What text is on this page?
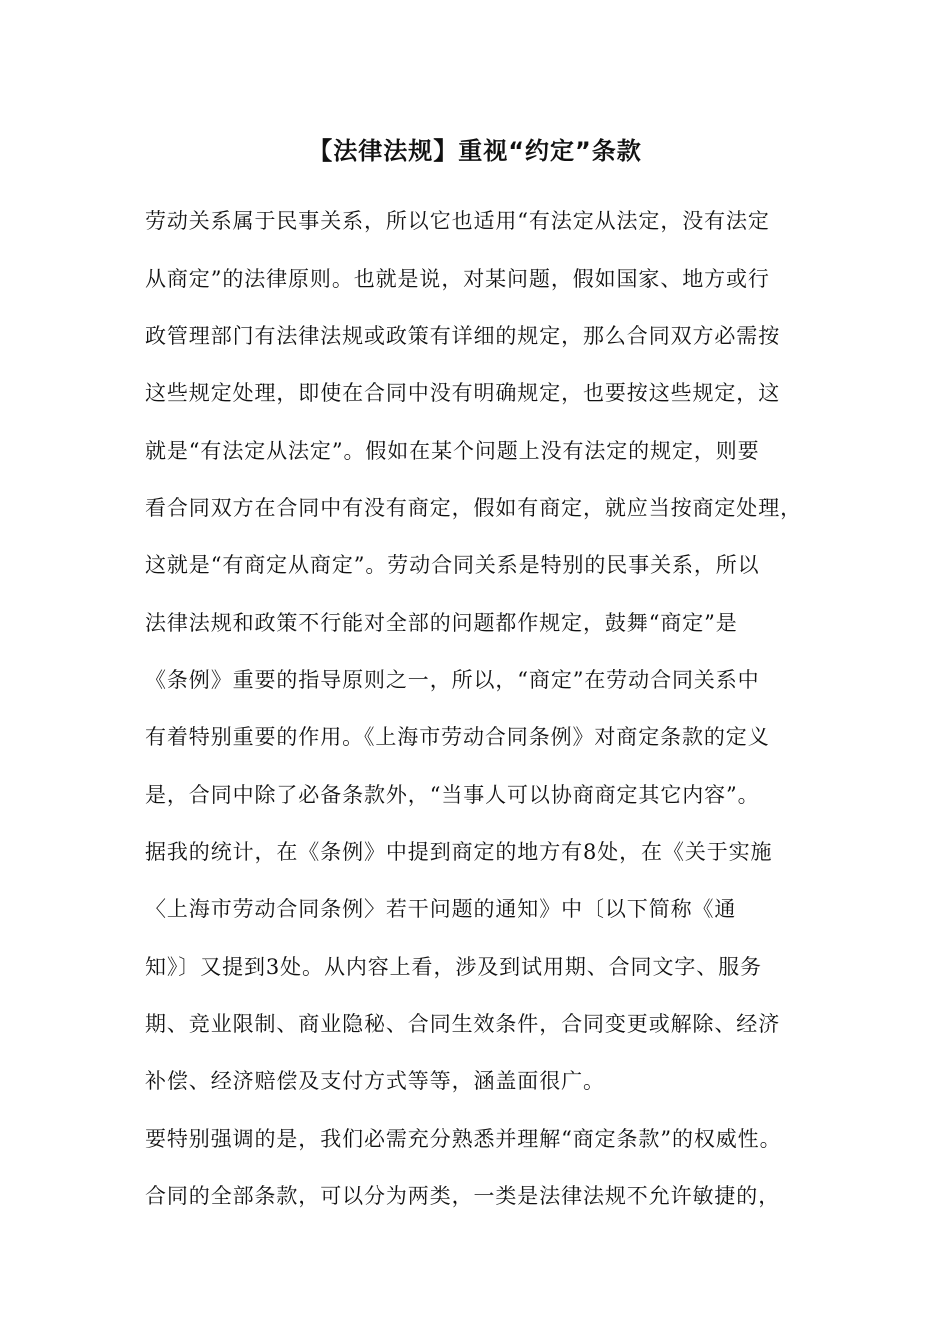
【法律法规】重视“约定”条款
劳动关系属于民事关系，所以它也适用“有法定从法定，没有法定
从商定”的法律原则。也就是说，对某问题，假如国家、地方或行
政管理部门有法律法规或政策有详细的规定，那么合同双方必需按
这些规定处理，即使在合同中没有明确规定，也要按这些规定，这
就是“有法定从法定”。假如在某个问题上没有法定的规定，则要
看合同双方在合同中有没有商定，假如有商定，就应当按商定处理，
这就是“有商定从商定”。劳动合同关系是特别的民事关系，所以
法律法规和政策不行能对全部的问题都作规定，鼓舞“商定”是
《条例》重要的指导原则之一，所以，“商定”在劳动合同关系中
有着特别重要的作用。《上海市劳动合同条例》对商定条款的定义
是，合同中除了必备条款外，“当事人可以协商商定其它内容”。
据我的统计，在《条例》中提到商定的地方有8处，在《关于实施
〈上海市劳动合同条例〉若干问题的通知》中〔以下简称《通
知》〕又提到3处。从内容上看，涉及到试用期、合同文字、服务
期、竞业限制、商业隐秘、合同生效条件，合同变更或解除、经济
补偿、经济赔偿及支付方式等等，涵盖面很广。
要特别强调的是，我们必需充分熟悉并理解“商定条款”的权威性。
合同的全部条款，可以分为两类，一类是法律法规不允许敏捷的，
